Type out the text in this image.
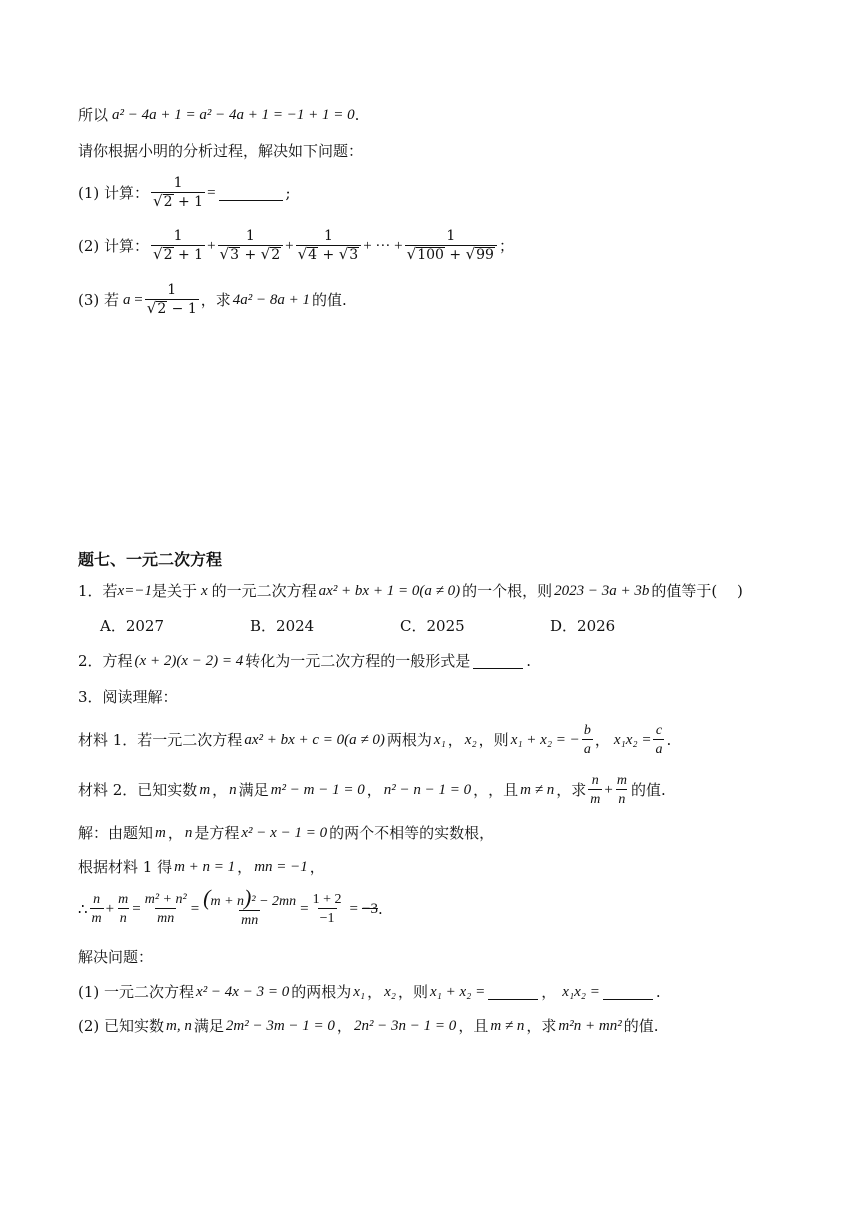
所以 a² − 4a + 1 = a² − 4a + 1 = −1 + 1 = 0 .
请你根据小明的分析过程，解决如下问题：
(1) 计算： $\frac{1}{√ 2 + 1}$ =	;
(2) 计算： $\frac{1}{√ 2 + 1} + \frac{1}{√ 3 + √ 2} + \frac{1}{√ 4 + √ 3}$ + ··· + $\frac{1}{√ 100 + √ 99}$ ；
(3) 若 $a = \frac{1}{√ 2 - 1}$ ，求 4a² − 8a + 1 的值.
题七、一元二次方程
1．若 x=−1 是关于 x 的一元二次方程 ax² + bx + 1 = 0(a ≠ 0) 的一个根，则 2023 − 3a + 3b 的值等于(　 )
A．2027	B．2024	C．2025	D．2026
2．方程 (x + 2)(x − 2) = 4 转化为一元二次方程的一般形式是	.
3．阅读理解：
材料 1．若一元二次方程 ax² + bx + c = 0(a ≠ 0) 两根为 x₁ ， x₂ ，则 x₁ + x₂ = − $\frac{b}{a}$ ， $x_1x_2 = \frac{c}{a}$ .
材料 2．已知实数 m ， n 满足 m² − m − 1 = 0 ， n² − n − 1 = 0 ， ，且 m ≠ n ，求 $\frac{n}{m} + \frac{m}{n}$ 的值.
解：由题知 m ， n 是方程 x² − x − 1 = 0 的两个不相等的实数根，
根据材料 1 得 m + n = 1 ， mn = −1 ，
∴ $\frac{n}{m} + \frac{m}{n} = \frac{\text{m² + n²}}{mn} = \frac{\text{(m + n)² − 2mn}}{mn} = \frac{1 + 2}{-1} = -3$ .
解决问题：
(1) 一元二次方程 x² − 4x − 3 = 0 的两根为 x₁ ， x₂ ，则 x₁ + x₂ =	， x₁x₂ =	.
(2) 已知实数 m, n 满足 2m² − 3m − 1 = 0 ， 2n² − 3n − 1 = 0 ，且 m ≠ n ，求 m²n + mn² 的值.
